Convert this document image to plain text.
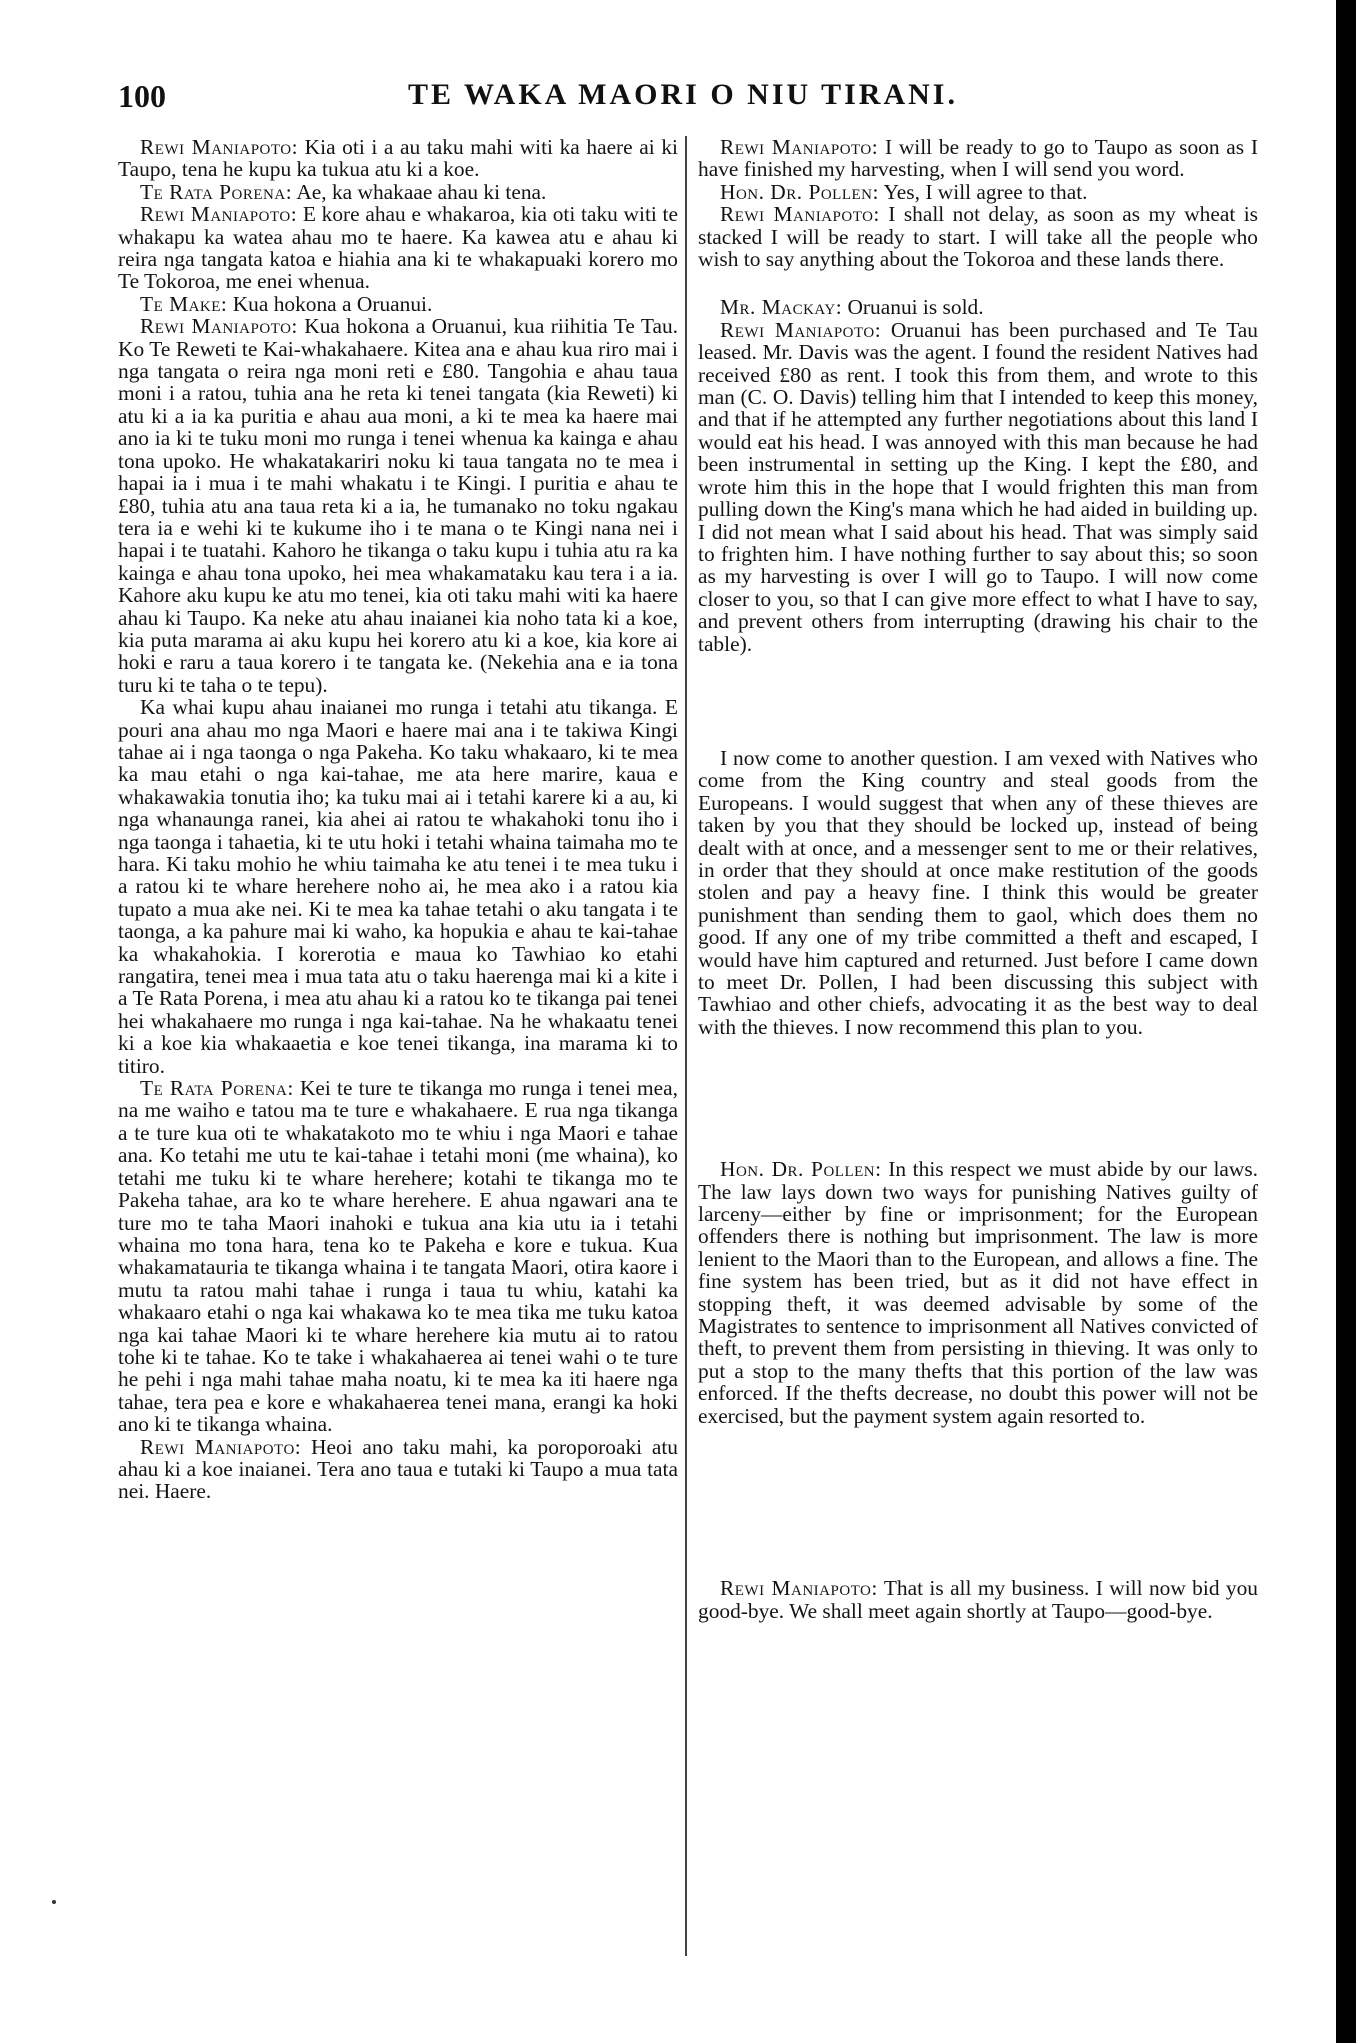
100	TE WAKA MAORI O NIU TIRANI.

Rewi Maniapoto: Kia oti i a au taku mahi witi ka haere ai ki Taupo, tena he kupu ka tukua atu ki a koe.

Te Rata Porena: Ae, ka whakaae ahau ki tena.

Rewi Maniapoto: E kore ahau e whakaroa, kia oti taku witi te whakapu ka watea ahau mo te haere. Ka kawea atu e ahau ki reira nga tangata katoa e hiahia ana ki te whakapuaki korero mo Te Tokoroa, me enei whenua.

Te Make: Kua hokona a Oruanui.

Rewi Maniapoto: Kua hokona a Oruanui, kua riihitia Te Tau. Ko Te Reweti te Kai-whakahaere. Kitea ana e ahau kua riro mai i nga tangata o reira nga moni reti e £80. Tangohia e ahau taua moni i a ratou, tuhia ana he reta ki tenei tangata (kia Reweti) ki atu ki a ia ka puritia e ahau aua moni, a ki te mea ka haere mai ano ia ki te tuku moni mo runga i tenei whenua ka kainga e ahau tona upoko. He whakatakariri noku ki taua tangata no te mea i hapai ia i mua i te mahi whakatu i te Kingi. I puritia e ahau te £80, tuhia atu ana taua reta ki a ia, he tumanako no toku ngakau tera ia e wehi ki te kukume iho i te mana o te Kingi nana nei i hapai i te tuatahi. Kahoro he tikanga o taku kupu i tuhia atu ra ka kainga e ahau tona upoko, hei mea whakamataku kau tera i a ia. Kahore aku kupu ke atu mo tenei, kia oti taku mahi witi ka haere ahau ki Taupo. Ka neke atu ahau inaianei kia noho tata ki a koe, kia puta marama ai aku kupu hei korero atu ki a koe, kia kore ai hoki e raru a taua korero i te tangata ke. (Nekehia ana e ia tona turu ki te taha o te tepu).

Ka whai kupu ahau inaianei mo runga i tetahi atu tikanga. E pouri ana ahau mo nga Maori e haere mai ana i te takiwa Kingi tahae ai i nga taonga o nga Pakeha. Ko taku whakaaro, ki te mea ka mau etahi o nga kai-tahae, me ata here marire, kaua e whakawakia tonutia iho; ka tuku mai ai i tetahi karere ki a au, ki nga whanaunga ranei, kia ahei ai ratou te whakahoki tonu iho i nga taonga i tahaetia, ki te utu hoki i tetahi whaina taimaha mo te hara. Ki taku mohio he whiu taimaha ke atu tenei i te mea tuku i a ratou ki te whare herehere noho ai, he mea ako i a ratou kia tupato a mua ake nei. Ki te mea ka tahae tetahi o aku tangata i te taonga, a ka pahure mai ki waho, ka hopukia e ahau te kai-tahae ka whakahokia. I korerotia e maua ko Tawhiao ko etahi rangatira, tenei mea i mua tata atu o taku haerenga mai ki a kite i a Te Rata Porena, i mea atu ahau ki a ratou ko te tikanga pai tenei hei whakahaere mo runga i nga kai-tahae. Na he whakaatu tenei ki a koe kia whakaaetia e koe tenei tikanga, ina marama ki to titiro.

Te Rata Porena: Kei te ture te tikanga mo runga i tenei mea, na me waiho e tatou ma te ture e whakahaere. E rua nga tikanga a te ture kua oti te whakatakoto mo te whiu i nga Maori e tahae ana. Ko tetahi me utu te kai-tahae i tetahi moni (me whaina), ko tetahi me tuku ki te whare herehere; kotahi te tikanga mo te Pakeha tahae, ara ko te whare herehere. E ahua ngawari ana te ture mo te taha Maori inahoki e tukua ana kia utu ia i tetahi whaina mo tona hara, tena ko te Pakeha e kore e tukua. Kua whakamatauria te tikanga whaina i te tangata Maori, otira kaore i mutu ta ratou mahi tahae i runga i taua tu whiu, katahi ka whakaaro etahi o nga kai whakawa ko te mea tika me tuku katoa nga kai tahae Maori ki te whare herehere kia mutu ai to ratou tohe ki te tahae. Ko te take i whakahaerea ai tenei wahi o te ture he pehi i nga mahi tahae maha noatu, ki te mea ka iti haere nga tahae, tera pea e kore e whakahaerea tenei mana, erangi ka hoki ano ki te tikanga whaina.

Rewi Maniapoto: Heoi ano taku mahi, ka poroporoaki atu ahau ki a koe inaianei. Tera ano taua e tutaki ki Taupo a mua tata nei. Haere.

Rewi Maniapoto: I will be ready to go to Taupo as soon as I have finished my harvesting, when I will send you word.

Hon. Dr. Pollen: Yes, I will agree to that.

Rewi Maniapoto: I shall not delay, as soon as my wheat is stacked I will be ready to start. I will take all the people who wish to say anything about the Tokoroa and these lands there.

Mr. Mackay: Oruanui is sold.

Rewi Maniapoto: Oruanui has been purchased and Te Tau leased. Mr. Davis was the agent. I found the resident Natives had received £80 as rent. I took this from them, and wrote to this man (C. O. Davis) telling him that I intended to keep this money, and that if he attempted any further negotiations about this land I would eat his head. I was annoyed with this man because he had been instrumental in setting up the King. I kept the £80, and wrote him this in the hope that I would frighten this man from pulling down the King's mana which he had aided in building up. I did not mean what I said about his head. That was simply said to frighten him. I have nothing further to say about this; so soon as my harvesting is over I will go to Taupo. I will now come closer to you, so that I can give more effect to what I have to say, and prevent others from interrupting (drawing his chair to the table).

I now come to another question. I am vexed with Natives who come from the King country and steal goods from the Europeans. I would suggest that when any of these thieves are taken by you that they should be locked up, instead of being dealt with at once, and a messenger sent to me or their relatives, in order that they should at once make restitution of the goods stolen and pay a heavy fine. I think this would be greater punishment than sending them to gaol, which does them no good. If any one of my tribe committed a theft and escaped, I would have him captured and returned. Just before I came down to meet Dr. Pollen, I had been discussing this subject with Tawhiao and other chiefs, advocating it as the best way to deal with the thieves. I now recommend this plan to you.

Hon. Dr. Pollen: In this respect we must abide by our laws. The law lays down two ways for punishing Natives guilty of larceny—either by fine or imprisonment; for the European offenders there is nothing but imprisonment. The law is more lenient to the Maori than to the European, and allows a fine. The fine system has been tried, but as it did not have effect in stopping theft, it was deemed advisable by some of the Magistrates to sentence to imprisonment all Natives convicted of theft, to prevent them from persisting in thieving. It was only to put a stop to the many thefts that this portion of the law was enforced. If the thefts decrease, no doubt this power will not be exercised, but the payment system again resorted to.

Rewi Maniapoto: That is all my business. I will now bid you good-bye. We shall meet again shortly at Taupo—good-bye.
